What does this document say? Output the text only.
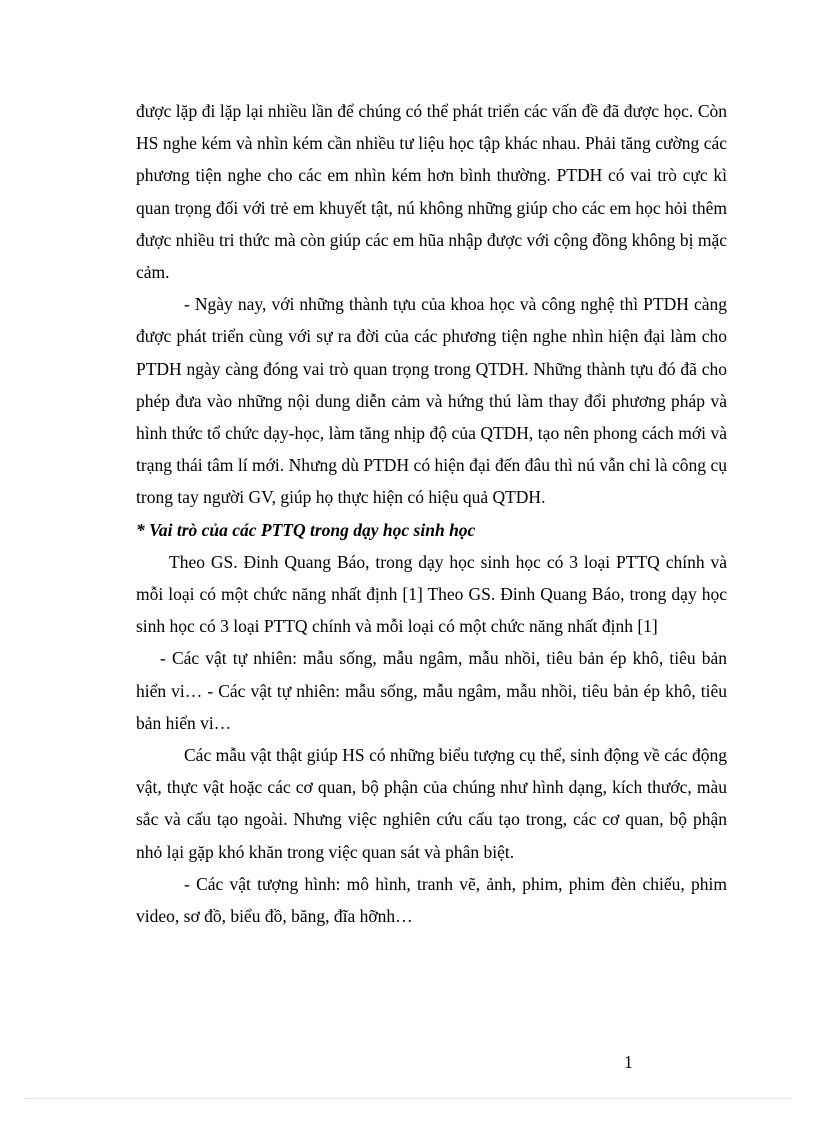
được lặp đi lặp lại nhiều lần để chúng có thể phát triển các vấn đề đã được học. Còn HS nghe kém và nhìn kém cần nhiều tư liệu học tập khác nhau. Phải tăng cường các phương tiện nghe cho các em nhìn kém hơn bình thường. PTDH có vai trò cực kì quan trọng đối với trẻ em khuyết tật, nú không những giúp cho các em học hỏi thêm được nhiều tri thức mà còn giúp các em hũa nhập được với cộng đồng không bị mặc cảm.

- Ngày nay, với những thành tựu của khoa học và công nghệ thì PTDH càng được phát triển cùng với sự ra đời của các phương tiện nghe nhìn hiện đại làm cho PTDH ngày càng đóng vai trò quan trọng trong QTDH. Những thành tựu đó đã cho phép đưa vào những nội dung diễn cảm và hứng thú làm thay đổi phương pháp và hình thức tổ chức dạy-học, làm tăng nhịp độ của QTDH, tạo nên phong cách mới và trạng thái tâm lí mới. Nhưng dù PTDH có hiện đại đến đâu thì nú vẫn chỉ là công cụ trong tay người GV, giúp họ thực hiện có hiệu quả QTDH.

* Vai trò của các PTTQ trong dạy học sinh học

Theo GS. Đinh Quang Báo, trong dạy học sinh học có 3 loại PTTQ chính và mỗi loại có một chức năng nhất định [1] Theo GS. Đinh Quang Báo, trong dạy học sinh học có 3 loại PTTQ chính và mỗi loại có một chức năng nhất định [1]

- Các vật tự nhiên: mẫu sống, mẫu ngâm, mẫu nhồi, tiêu bản ép khô, tiêu bản hiển vi… - Các vật tự nhiên: mẫu sống, mẫu ngâm, mẫu nhồi, tiêu bản ép khô, tiêu bản hiển vi…

Các mẫu vật thật giúp HS có những biểu tượng cụ thể, sinh động về các động vật, thực vật hoặc các cơ quan, bộ phận của chúng như hình dạng, kích thước, màu sắc và cấu tạo ngoài. Nhưng việc nghiên cứu cấu tạo trong, các cơ quan, bộ phận nhỏ lại gặp khó khăn trong việc quan sát và phân biệt.

- Các vật tượng hình: mô hình, tranh vẽ, ảnh, phim, phim đèn chiếu, phim video, sơ đồ, biểu đồ, băng, đĩa hỡnh…

1
